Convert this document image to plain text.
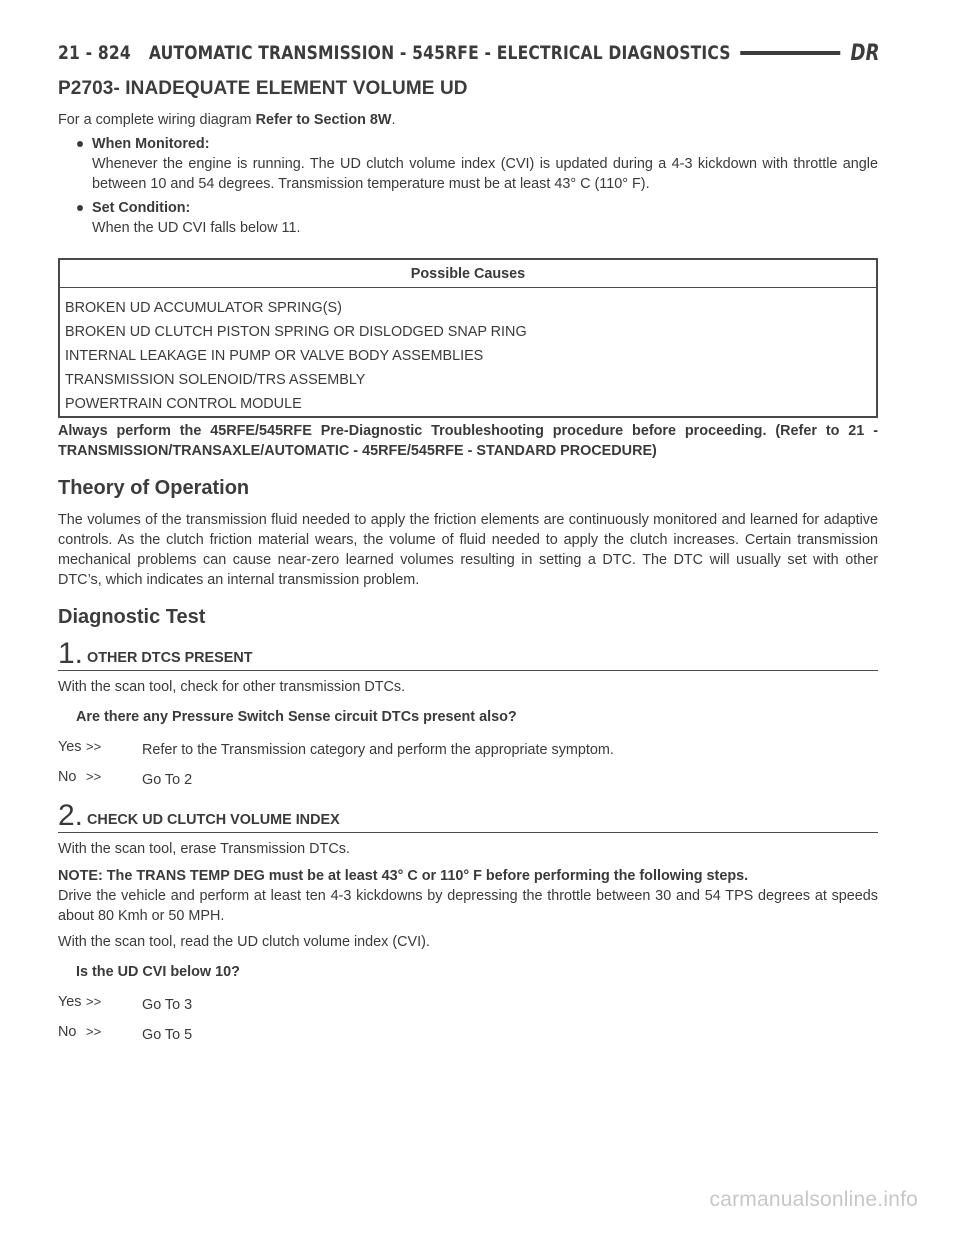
21 - 824 AUTOMATIC TRANSMISSION - 545RFE - ELECTRICAL DIAGNOSTICS	DR
P2703- INADEQUATE ELEMENT VOLUME UD

For a complete wiring diagram Refer to Section 8W.

When Monitored:
Whenever the engine is running. The UD clutch volume index (CVI) is updated during a 4-3 kickdown with throttle angle between 10 and 54 degrees. Transmission temperature must be at least 43° C (110° F).
Set Condition:
When the UD CVI falls below 11.
Possible Causes
BROKEN UD ACCUMULATOR SPRING(S)
BROKEN UD CLUTCH PISTON SPRING OR DISLODGED SNAP RING
INTERNAL LEAKAGE IN PUMP OR VALVE BODY ASSEMBLIES
TRANSMISSION SOLENOID/TRS ASSEMBLY
POWERTRAIN CONTROL MODULE

Always perform the 45RFE/545RFE Pre-Diagnostic Troubleshooting procedure before proceeding. (Refer to 21 - TRANSMISSION/TRANSAXLE/AUTOMATIC - 45RFE/545RFE - STANDARD PROCEDURE)

Theory of Operation

The volumes of the transmission fluid needed to apply the friction elements are continuously monitored and learned for adaptive controls. As the clutch friction material wears, the volume of fluid needed to apply the clutch increases. Certain transmission mechanical problems can cause near-zero learned volumes resulting in setting a DTC. The DTC will usually set with other DTC’s, which indicates an internal transmission problem.

Diagnostic Test
1. OTHER DTCS PRESENT

With the scan tool, check for other transmission DTCs.

Are there any Pressure Switch Sense circuit DTCs present also?

Yes >>	Refer to the Transmission category and perform the appropriate symptom.
No >>	Go To 2
2. CHECK UD CLUTCH VOLUME INDEX

With the scan tool, erase Transmission DTCs.

NOTE: The TRANS TEMP DEG must be at least 43° C or 110° F before performing the following steps.

Drive the vehicle and perform at least ten 4-3 kickdowns by depressing the throttle between 30 and 54 TPS degrees at speeds about 80 Kmh or 50 MPH.

With the scan tool, read the UD clutch volume index (CVI).

Is the UD CVI below 10?

Yes >>	Go To 3
No >>	Go To 5
carmanualsonline.info
